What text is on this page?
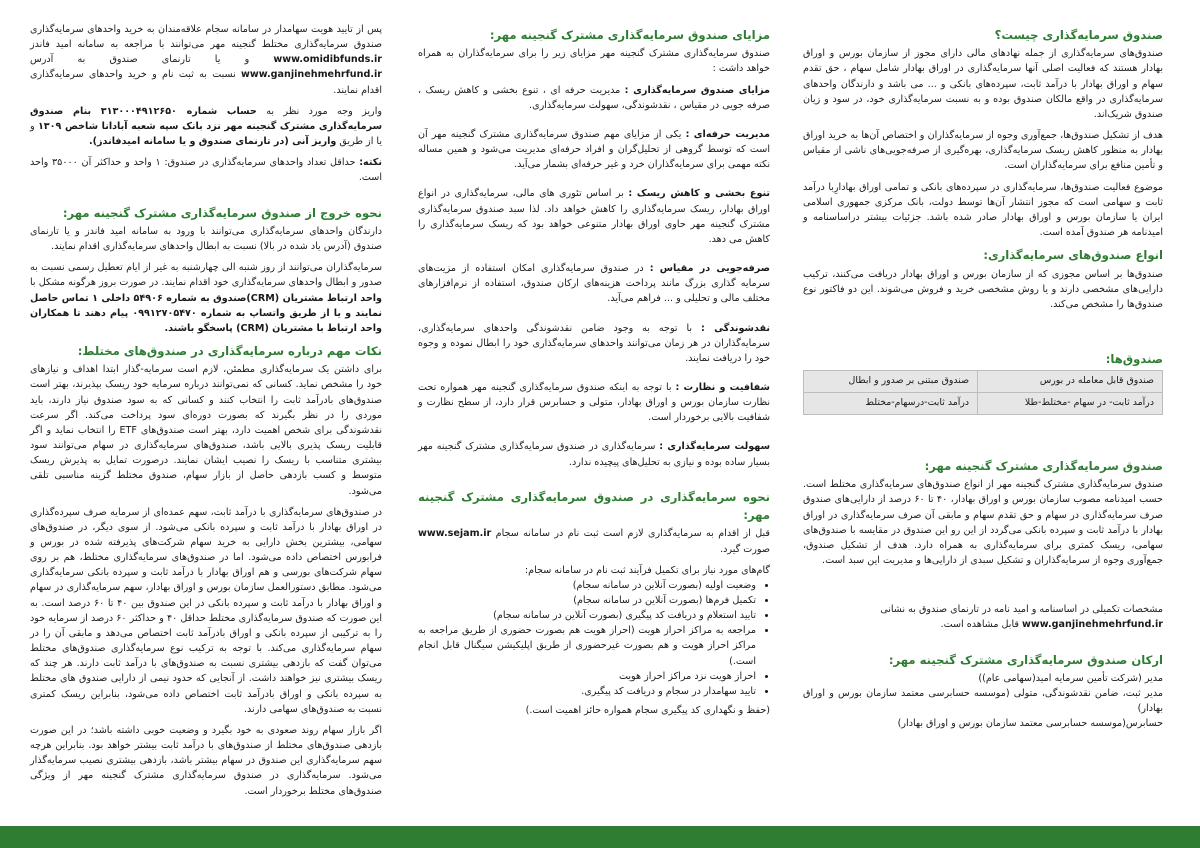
صندوق سرمایه‌گذاری چیست؟

صندوق‌های سرمایه‌گذاری از جمله نهادهای مالی دارای مجوز از سازمان بورس و اوراق بهادار هستند که فعالیت اصلی آنها سرمایه‌گذاری در اوراق بهادار شامل سهام ، حق تقدم سهام و اوراق بهادار با درآمد ثابت، سپرده‌های بانکی و ... می باشد و دارندگان واحدهای سرمایه‌گذاری در واقع مالکان صندوق بوده و به نسبت سرمایه‌گذاری خود، در سود و زیان صندوق شریک‌اند.

هدف از تشکیل صندوق‌ها، جمع‌آوری وجوه از سرمایه‌گذاران و اختصاص آن‌ها به خرید اوراق بهادار به منظور کاهش ریسک سرمایه‌گذاری، بهره‌گیری از صرفه‌جویی‌های ناشی از مقیاس و تأمین منافع برای سرمایه‌گذاران است.

موضوع فعالیت صندوق‌ها، سرمایه‌گذاری در سپرده‌های بانکی و تمامی اوراق بهادارِبا درآمد ثابت و سهامی است که مجوز انتشار آن‌ها توسط دولت، بانک مرکزی جمهوری اسلامی ایران یا سازمان بورس و اوراق بهادار صادر شده باشد. جزئیات بیشتر دراساسنامه و امیدنامه هر صندوق آمده است.

انواع صندوق‌های سرمایه‌گذاری:

صندوق‌ها بر اساس مجوزی که از سازمان بورس و اوراق بهادار دریافت می‌کنند، ترکیب دارایی‌های مشخصی دارند و یا روش مشخصی خرید و فروش می‌شوند. این دو فاکتور نوع صندوق‌ها را مشخص می‌کند.

صندوق‌ها:
صندوق قابل معامله در بورس	صندوق مبتنی بر صدور و ابطال
درآمد ثابت- در سهام -مختلط-طلا	درآمد ثابت-درسهام-مختلط
صندوق سرمایه‌گذاری مشترک گنجینه مهر:

صندوق سرمایه‌گذاری مشترک گنجینه مهر از انواع صندوق‌های سرمایه‌گذاری مختلط است. حسب امیدنامه مصوب سازمان بورس و اوراق بهادار، ۴۰ تا ۶۰ درصد از دارایی‌های صندوق صرف سرمایه‌گذاری در سهام و حق تقدم سهام و مابقی آن صرف سرمایه‌گذاری در اوراق بهادار با درآمد ثابت و سپرده بانکی می‌گردد از این رو این صندوق در مقایسه با صندوق‌های سهامی، ریسک کمتری برای سرمایه‌گذاری به همراه دارد. هدف از تشکیل صندوق، جمع‌آوری وجوه از سرمایه‌گذاران و تشکیل سبدی از دارایی‌ها و مدیریت این سبد است.

مشخصات تکمیلی در اساسنامه و امید نامه در تارنمای صندوق به نشانی
www.ganjinehmehrfund.ir قابل مشاهده است.

ارکان صندوق سرمایه‌گذاری مشترک گنجینه مهر:
مدیر (شرکت تأمین سرمایه امید(سهامی عام))
مدیر ثبت، ضامن نقدشوندگی، متولی (موسسه حسابرسی معتمد سازمان بورس و اوراق بهادار)
حسابرس(موسسه حسابرسی معتمد سازمان بورس و اوراق بهادار)
مزایای صندوق سرمایه‌گذاری مشترک گنجینه مهر:

صندوق سرمایه‌گذاری مشترک گنجینه مهر مزایای زیر را برای سرمایه‌گذاران به همراه خواهد داشت :

مزایای صندوق سرمایه‌گذاری : مدیریت حرفه ای ، تنوع بخشی و کاهش ریسک ، صرفه جویی در مقیاس ، نقدشوندگی، سهولت سرمایه‌گذاری.

مدیریت حرفه‌ای : یکی از مزایای مهم صندوق سرمایه‌گذاری مشترک گنجینه مهر آن است که توسط گروهی از تحلیل‌گران و افراد حرفه‌ای مدیریت می‌شود و همین مساله نکته مهمی برای سرمایه‌گذاران خرد و غیر حرفه‌ای بشمار می‌آید.

تنوع بخشی و کاهش ریسک : بر اساس تئوری های مالی، سرمایه‌گذاری در انواع اوراق بهادار، ریسک سرمایه‌گذاری را کاهش خواهد داد. لذا سبد صندوق سرمایه‌گذاری مشترک گنجینه مهر حاوی اوراق بهادار متنوعی خواهد بود که ریسک سرمایه‌گذاری را کاهش می دهد.

صرفه‌جویی در مقیاس : در صندوق سرمایه‌گذاری امکان استفاده از مزیت‌های سرمایه گذاری بزرگ مانند پرداخت هزینه‌های ارکان صندوق، استفاده از نرم‌افزارهای مختلف مالی و تحلیلی و ... فراهم می‌آید.

نقدشوندگی : با توجه به وجود ضامن نقدشوندگی واحدهای سرمایه‌گذاری، سرمایه‌گذاران در هر زمان می‌توانند واحدهای سرمایه‌گذاری خود را ابطال نموده و وجوه خود را دریافت نمایند.

شفافیت و نظارت : با توجه به اینکه صندوق سرمایه‌گذاری گنجینه مهر همواره تحت نظارت سازمان بورس و اوراق بهادار، متولی و حسابرس قرار دارد، از سطح نظارت و شفافیت بالایی برخوردار است.

سهولت سرمایه‌گذاری : سرمایه‌گذاری در صندوق سرمایه‌گذاری مشترک گنجینه مهر بسیار ساده بوده و نیازی به تحلیل‌های پیچیده ندارد.

نحوه سرمایه‌گذاری در صندوق سرمایه‌گذاری مشترک گنجینه مهر:

قبل از اقدام به سرمایه‌گذاری لازم است ثبت نام در سامانه سجام www.sejam.ir صورت گیرد.

گام‌های مورد نیاز برای تکمیل فرآیند ثبت نام در سامانه سجام:
• وضعیت اولیه (بصورت آنلاین در سامانه سجام)
• تکمیل فرم‌ها (بصورت آنلاین در سامانه سجام)
• تایید استعلام و دریافت کد پیگیری (بصورت آنلاین در سامانه سجام)
• مراجعه به مراکز احراز هویت (احراز هویت هم بصورت حضوری از طریق مراجعه به مراکز احراز هویت و هم بصورت غیرحضوری از طریق اپلیکیشن سیگنال قابل انجام است.)
• احراز هویت نزد مراکز احراز هویت
• تایید سهامدار در سجام و دریافت کد پیگیری.
(حفظ و نگهداری کد پیگیری سجام همواره حائز اهمیت است.)

پس از تایید هویت سهامدار در سامانه سجام علاقه‌مندان به خرید واحدهای سرمایه‌گذاری صندوق سرمایه‌گذاری مختلط گنجینه مهر می‌توانند با مراجعه به سامانه امید فاندز www.omidibfunds.ir و یا تارنمای صندوق به آدرس www.ganjinehmehrfund.ir نسبت به ثبت نام و خرید واحدهای سرمایه‌گذاری اقدام نمایند.

واریز وجه مورد نظر به حساب شماره ۳۱۳۰۰۰۴۹۱۲۶۵۰ بنام صندوق سرمایه‌گذاری مشترک گنجینه مهر نزد بانک سپه شعبه آبادانا شاخص ۱۳۰۹ و یا از طریق واریز آنی (در تارنمای صندوق و یا سامانه امیدفاندز).

نکته: حداقل تعداد واحدهای سرمایه‌گذاری در صندوق: ۱ واحد و حداکثر آن ۳۵۰۰۰ واحد است.

نحوه خروج از صندوق سرمایه‌گذاری مشترک گنجینه مهر:

دارندگان واحدهای سرمایه‌گذاری می‌توانند با ورود به سامانه امید فاندز و یا تارنمای صندوق (آدرس یاد شده در بالا) نسبت به ابطال واحدهای سرمایه‌گذاری اقدام نمایند.

سرمایه‌گذاران می‌توانند از روز شنبه الی چهارشنبه به غیر از ایام تعطیل رسمی نسبت به صدور و ابطال واحدهای سرمایه‌گذاری خود اقدام نمایند. در صورت بروز هرگونه مشکل با واحد ارتباط مشتریان (CRM)صندوق به شماره ۵۴۹۰۶ داخلی ۱ تماس حاصل نمایند و یا از طریق واتساپ به شماره ۰۹۹۱۲۷۰۵۴۷۰ پیام دهند تا همکاران واحد ارتباط با مشتریان (CRM) پاسخگو باشند.

نکات مهم درباره سرمایه‌گذاری در صندوق‌های مختلط:

برای داشتن یک سرمایه‌گذاری مطمئن، لازم است سرمایه-گذار ابتدا اهداف و نیازهای خود را مشخص نماید. کسانی که نمی‌توانند درباره سرمایه خود ریسک بپذیرند، بهتر است صندوق‌های بادرآمد ثابت را انتخاب کنند و کسانی که به سود صندوق نیاز دارند، باید موردی را در نظر بگیرند که بصورت دوره‌ای سود پرداخت می‌کند. اگر سرعت نقدشوندگی برای شخص اهمیت دارد، بهتر است صندوق‌های ETF را انتخاب نماید و اگر قابلیت ریسک پذیری بالایی باشد، صندوق‌های سرمایه‌گذاری در سهام می‌توانند سود بیشتری متناسب با ریسک را نصیب ایشان نمایند. درصورت تمایل به پذیرش ریسک متوسط و کسب بازدهی حاصل از بازار سهام، صندوق مختلط گزینه مناسبی تلقی می‌شود.

در صندوق‌های سرمایه‌گذاری با درآمد ثابت، سهم عمده‌ای از سرمایه صرف سپرده‌گذاری در اوراق بهادار با درآمد ثابت و سپرده بانکی می‌شود. از سوی دیگر، در صندوق‌های سهامی، بیشترین بخش دارایی به خرید سهام شرکت‌های پذیرفته شده در بورس و فرابورس اختصاص داده می‌شود. اما در صندوق‌های سرمایه‌گذاری مختلط، هم بر روی سهام شرکت‌های بورسی و هم اوراق بهادار با درآمد ثابت و سپرده بانکی سرمایه‌گذاری می‌شود. مطابق دستورالعمل سازمان بورس و اوراق بهادار، سهم سرمایه‌گذاری در سهام و اوراق بهادار با درآمد ثابت و سپرده بانکی در این صندوق بین ۴۰ تا ۶۰ درصد است. به این صورت که صندوق سرمایه‌گذاری مختلط حداقل ۴۰ و حداکثر ۶۰ درصد از سرمایه خود را به ترکیبی از سپرده بانکی و اوراق بادرآمد ثابت اختصاص می‌دهد و مابقی آن را در سهام سرمایه‌گذاری می‌کند. با توجه به ترکیب نوع سرمایه‌گذاری صندوق‌های مختلط می‌توان گفت که بازدهی بیشتری نسبت به صندوق‌های با درآمد ثابت دارند. هر چند که ریسک بیشتری نیز خواهند داشت. از آنجایی که حدود نیمی از دارایی صندوق های مختلط به سپرده بانکی و اوراق بادرآمد ثابت اختصاص داده می‌شود، بنابراین ریسک کمتری نسبت به صندوق‌های سهامی دارند.

اگر بازار سهام روند صعودی به خود بگیرد و وضعیت خوبی داشته باشد؛ در این صورت بازدهی صندوق‌های مختلط از صندوق‌های با درآمد ثابت بیشتر خواهد بود. بنابراین هرچه سهم سرمایه‌گذاری این صندوق در سهام بیشتر باشد، بازدهی بیشتری نصیب سرمایه‌گذار می‌شود. سرمایه‌گذاری در صندوق سرمایه‌گذاری مشترک گنجینه مهر از ویژگی صندوق‌های مختلط برخوردار است.
